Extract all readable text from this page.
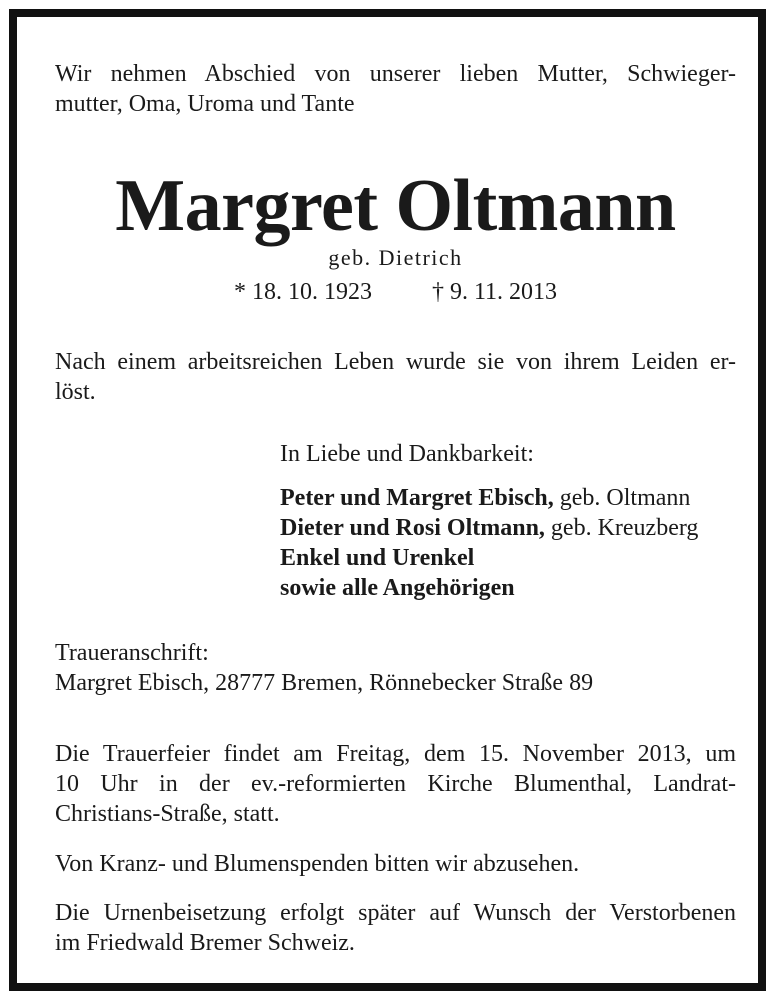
Wir nehmen Abschied von unserer lieben Mutter, Schwieger-
mutter, Oma, Uroma und Tante
Margret Oltmann
geb. Dietrich
* 18. 10. 1923	† 9. 11. 2013
Nach einem arbeitsreichen Leben wurde sie von ihrem Leiden er-
löst.
In Liebe und Dankbarkeit:
Peter und Margret Ebisch, geb. Oltmann
Dieter und Rosi Oltmann, geb. Kreuzberg
Enkel und Urenkel
sowie alle Angehörigen
Traueranschrift:
Margret Ebisch, 28777 Bremen, Rönnebecker Straße 89
Die Trauerfeier findet am Freitag, dem 15. November 2013, um
10 Uhr in der ev.-reformierten Kirche Blumenthal, Landrat-
Christians-Straße, statt.
Von Kranz- und Blumenspenden bitten wir abzusehen.
Die Urnenbeisetzung erfolgt später auf Wunsch der Verstorbenen
im Friedwald Bremer Schweiz.
